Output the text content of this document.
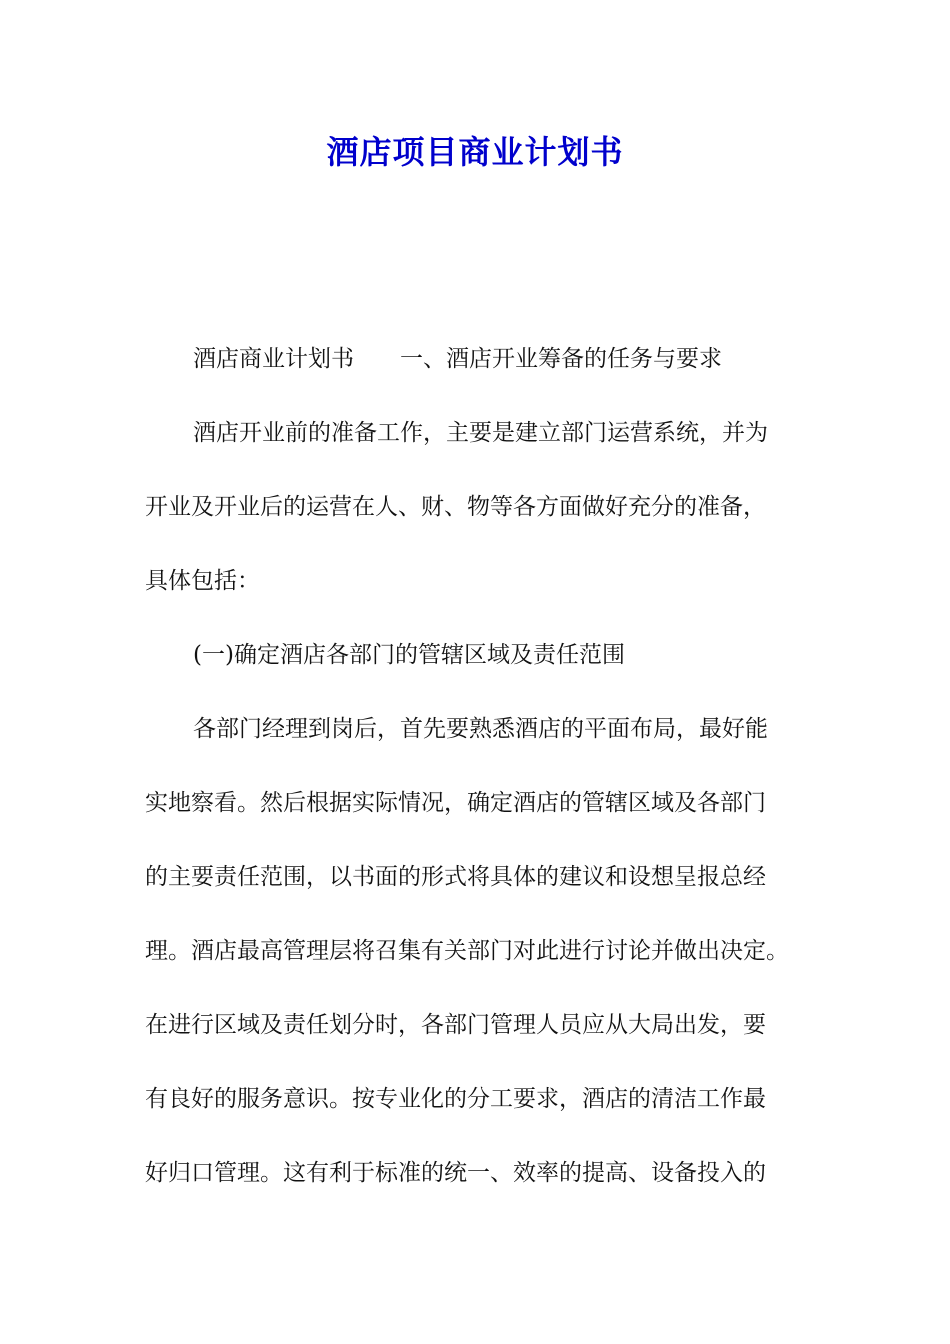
酒店项目商业计划书
酒店商业计划书 一、酒店开业筹备的任务与要求
酒店开业前的准备工作，主要是建立部门运营系统，并为
开业及开业后的运营在人、财、物等各方面做好充分的准备，
具体包括：
(一)确定酒店各部门的管辖区域及责任范围
各部门经理到岗后，首先要熟悉酒店的平面布局，最好能
实地察看。然后根据实际情况，确定酒店的管辖区域及各部门
的主要责任范围，以书面的形式将具体的建议和设想呈报总经
理。酒店最高管理层将召集有关部门对此进行讨论并做出决定。
在进行区域及责任划分时，各部门管理人员应从大局出发，要
有良好的服务意识。按专业化的分工要求，酒店的清洁工作最
好归口管理。这有利于标准的统一、效率的提高、设备投入的
